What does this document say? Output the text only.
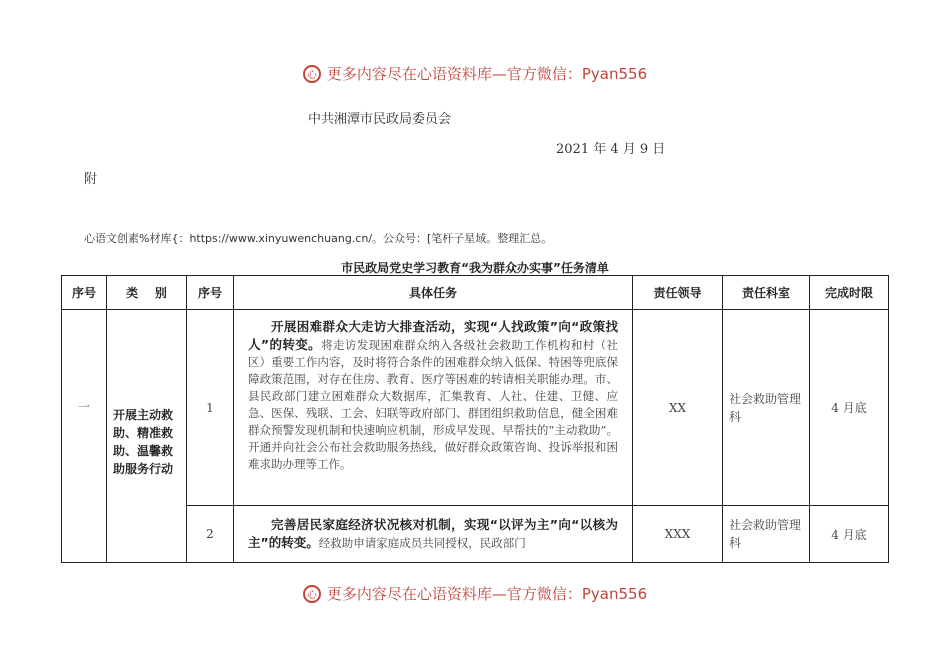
心 更多内容尽在心语资料库—官方微信：Pyan556
中共湘潭市民政局委员会
2021 年 4 月 9 日
附
心语文创素%材库{：https://www.xinyuwenchuang.cn/。公众号：[笔杆子星域。整理汇总。
市民政局党史学习教育“我为群众办实事”任务清单
序号	类    别	序号	具体任务	责任领导	责任科室	完成时限
一	开展主动救助、精准救助、温馨救助服务行动	1	开展困难群众大走访大排查活动，实现“人找政策”向“政策找人”的转变。将走访发现困难群众纳入各级社会救助工作机构和村（社区）重要工作内容，及时将符合条件的困难群众纳入低保、特困等兜底保障政策范围，对存在住房、教育、医疗等困难的转请相关职能办理。市、县民政部门建立困难群众大数据库，汇集教育、人社、住建、卫健、应急、医保、残联、工会、妇联等政府部门、群团组织救助信息，健全困难群众预警发现机制和快速响应机制，形成早发现、早帮扶的“主动救助”。开通并向社会公布社会救助服务热线，做好群众政策咨询、投诉举报和困难求助办理等工作。	XX	社会救助管理科	4 月底
		2	完善居民家庭经济状况核对机制，实现“以评为主”向“以核为主”的转变。经救助申请家庭成员共同授权，民政部门	XXX	社会救助管理科	4 月底
心 更多内容尽在心语资料库—官方微信：Pyan556
